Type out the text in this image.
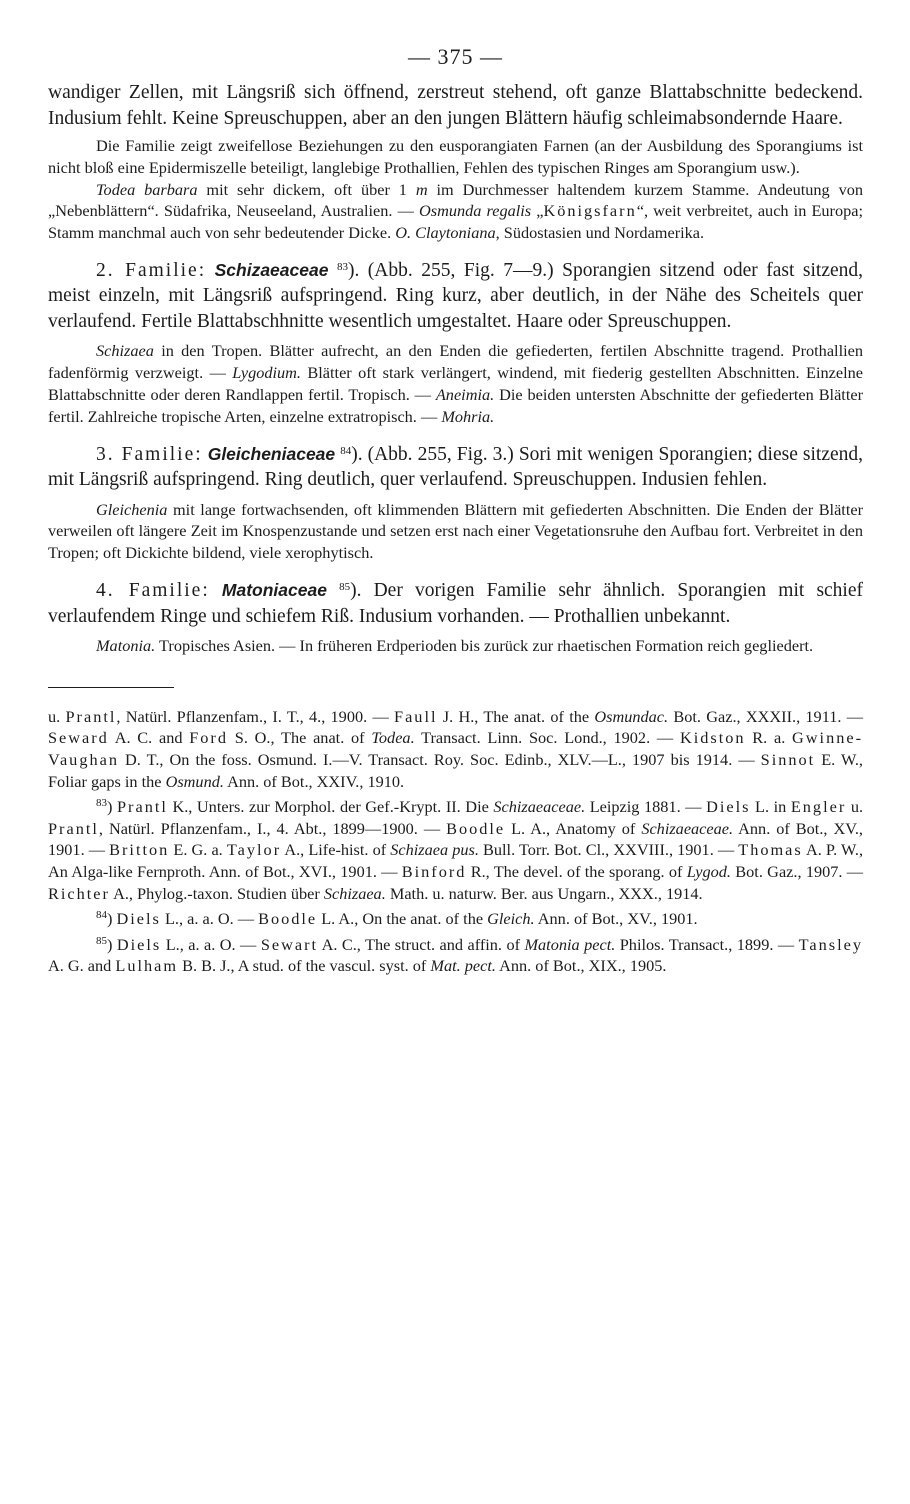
— 375 —

wandiger Zellen, mit Längsriß sich öffnend, zerstreut stehend, oft ganze Blattabschnitte bedeckend. Indusium fehlt. Keine Spreuschuppen, aber an den jungen Blättern häufig schleimabsondernde Haare.

Die Familie zeigt zweifellose Beziehungen zu den eusporangiaten Farnen (an der Ausbildung des Sporangiums ist nicht bloß eine Epidermiszelle beteiligt, langlebige Prothallien, Fehlen des typischen Ringes am Sporangium usw.).

Todea barbara mit sehr dickem, oft über 1 m im Durchmesser haltendem kurzem Stamme. Andeutung von „Nebenblättern“. Südafrika, Neuseeland, Australien. — Osmunda regalis „Königsfarn“, weit verbreitet, auch in Europa; Stamm manchmal auch von sehr bedeutender Dicke. O. Claytoniana, Südostasien und Nordamerika.

2. Familie: Schizaeaceae $^{83}$). (Abb. 255, Fig. 7—9.) Sporangien sitzend oder fast sitzend, meist einzeln, mit Längsriß aufspringend. Ring kurz, aber deutlich, in der Nähe des Scheitels quer verlaufend. Fertile Blattabschhnitte wesentlich umgestaltet. Haare oder Spreuschuppen.

Schizaea in den Tropen. Blätter aufrecht, an den Enden die gefiederten, fertilen Abschnitte tragend. Prothallien fadenförmig verzweigt. — Lygodium. Blätter oft stark verlängert, windend, mit fiederig gestellten Abschnitten. Einzelne Blattabschnitte oder deren Randlappen fertil. Tropisch. — Aneimia. Die beiden untersten Abschnitte der gefiederten Blätter fertil. Zahlreiche tropische Arten, einzelne extratropisch. — Mohria.

3. Familie: Gleicheniaceae $^{84}$). (Abb. 255, Fig. 3.) Sori mit wenigen Sporangien; diese sitzend, mit Längsriß aufspringend. Ring deutlich, quer verlaufend. Spreuschuppen. Indusien fehlen.

Gleichenia mit lange fortwachsenden, oft klimmenden Blättern mit gefiederten Abschnitten. Die Enden der Blätter verweilen oft längere Zeit im Knospenzustande und setzen erst nach einer Vegetationsruhe den Aufbau fort. Verbreitet in den Tropen; oft Dickichte bildend, viele xerophytisch.

4. Familie: Matoniaceae $^{85}$). Der vorigen Familie sehr ähnlich. Sporangien mit schief verlaufendem Ringe und schiefem Riß. Indusium vorhanden. — Prothallien unbekannt.

Matonia. Tropisches Asien. — In früheren Erdperioden bis zurück zur rhaetischen Formation reich gegliedert.

u. Prantl, Natürl. Pflanzenfam., I. T., 4., 1900. — Faull J. H., The anat. of the Osmundac. Bot. Gaz., XXXII., 1911. — Seward A. C. and Ford S. O., The anat. of Todea. Transact. Linn. Soc. Lond., 1902. — Kidston R. a. Gwinne-Vaughan D. T., On the foss. Osmund. I.—V. Transact. Roy. Soc. Edinb., XLV.—L., 1907 bis 1914. — Sinnot E. W., Foliar gaps in the Osmund. Ann. of Bot., XXIV., 1910.

$^{83}$) Prantl K., Unters. zur Morphol. der Gef.-Krypt. II. Die Schizaeaceae. Leipzig 1881. — Diels L. in Engler u. Prantl, Natürl. Pflanzenfam., I., 4. Abt., 1899—1900. — Boodle L. A., Anatomy of Schizaeaceae. Ann. of Bot., XV., 1901. — Britton E. G. a. Taylor A., Life-hist. of Schizaea pus. Bull. Torr. Bot. Cl., XXVIII., 1901. — Thomas A. P. W., An Alga-like Fernproth. Ann. of Bot., XVI., 1901. — Binford R., The devel. of the sporang. of Lygod. Bot. Gaz., 1907. — Richter A., Phylog.-taxon. Studien über Schizaea. Math. u. naturw. Ber. aus Ungarn., XXX., 1914.

$^{84}$) Diels L., a. a. O. — Boodle L. A., On the anat. of the Gleich. Ann. of Bot., XV., 1901.

$^{85}$) Diels L., a. a. O. — Sewart A. C., The struct. and affin. of Matonia pect. Philos. Transact., 1899. — Tansley A. G. and Lulham B. B. J., A stud. of the vascul. syst. of Mat. pect. Ann. of Bot., XIX., 1905.
